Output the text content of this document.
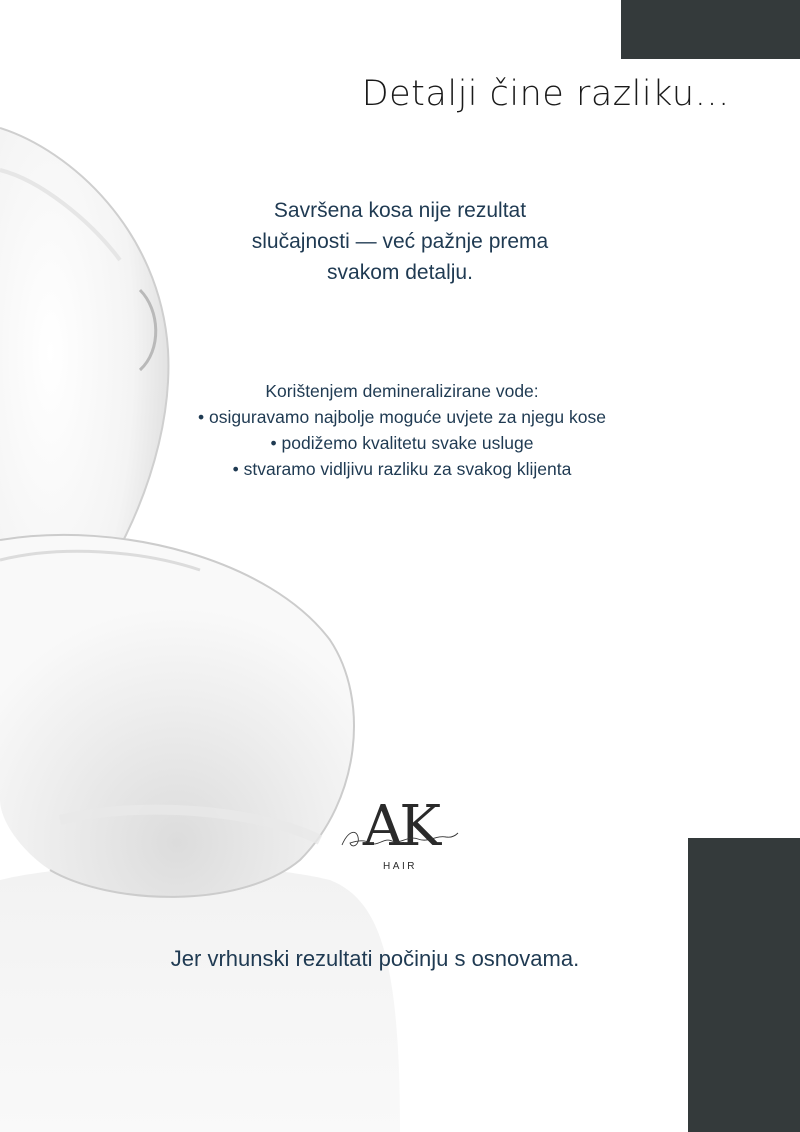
Detalji čine razliku…
Savršena kosa nije rezultat
slučajnosti — već pažnje prema
svakom detalju.
Korištenjem demineralizirane vode:
• osiguravamo najbolje moguće uvjete za njegu kose
• podižemo kvalitetu svake usluge
• stvaramo vidljivu razliku za svakog klijenta
AK
HAIR

Jer vrhunski rezultati počinju s osnovama.
